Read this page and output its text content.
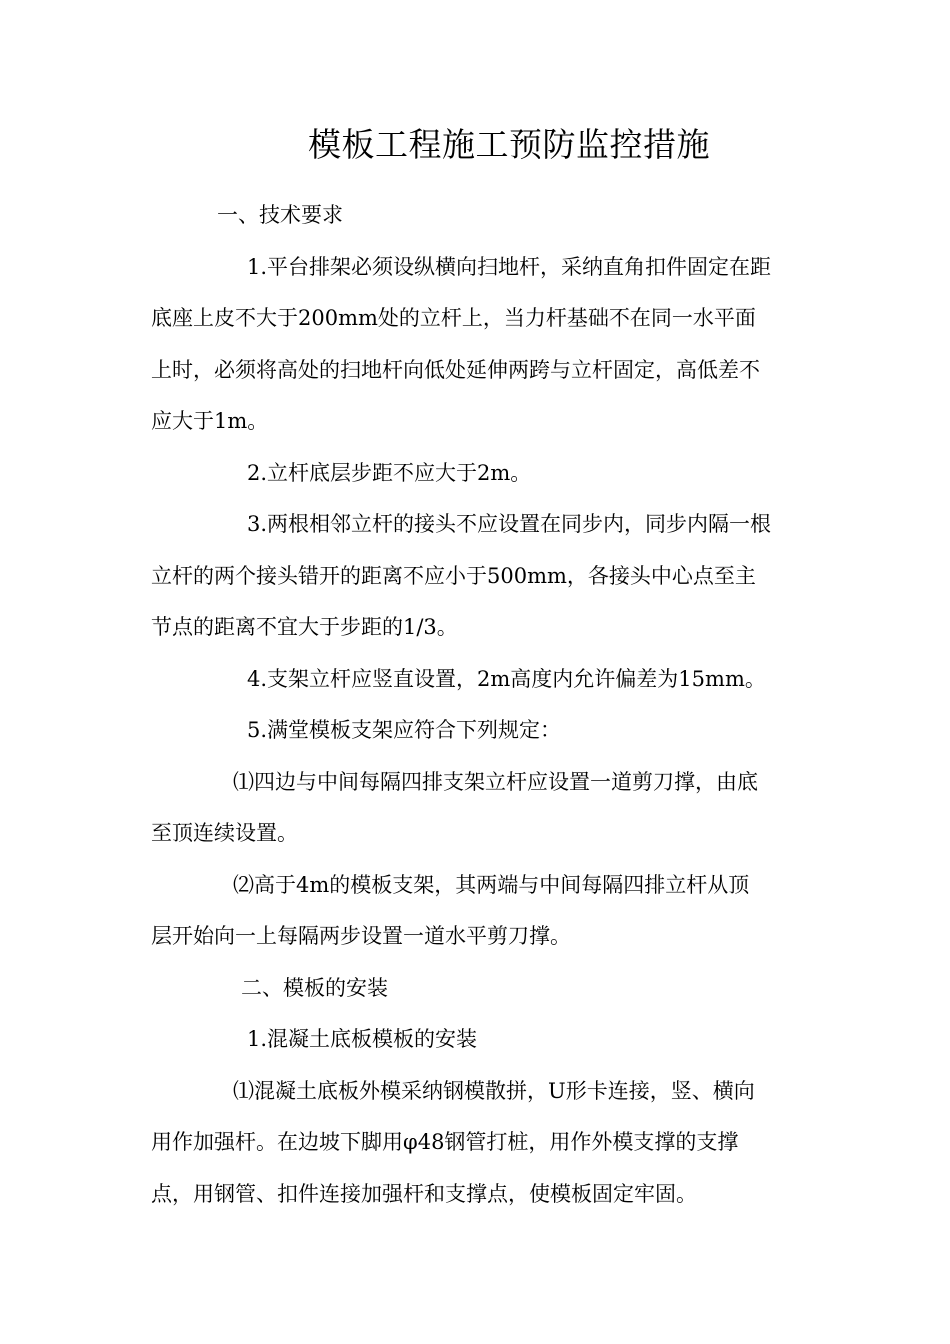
模板工程施工预防监控措施
一、技术要求
1.平台排架必须设纵横向扫地杆，采纳直角扣件固定在距
底座上皮不大于200mm处的立杆上，当力杆基础不在同一水平面
上时，必须将高处的扫地杆向低处延伸两跨与立杆固定，高低差不
应大于1m。
2.立杆底层步距不应大于2m。
3.两根相邻立杆的接头不应设置在同步内，同步内隔一根
立杆的两个接头错开的距离不应小于500mm，各接头中心点至主
节点的距离不宜大于步距的1/3。
4.支架立杆应竖直设置，2m高度内允许偏差为15mm。
5.满堂模板支架应符合下列规定：
⑴四边与中间每隔四排支架立杆应设置一道剪刀撑，由底
至顶连续设置。
⑵高于4m的模板支架，其两端与中间每隔四排立杆从顶
层开始向一上每隔两步设置一道水平剪刀撑。
二、模板的安装
1.混凝土底板模板的安装
⑴混凝土底板外模采纳钢模散拼，U形卡连接，竖、横向
用作加强杆。在边坡下脚用φ48钢管打桩，用作外模支撑的支撑
点，用钢管、扣件连接加强杆和支撑点，使模板固定牢固。
